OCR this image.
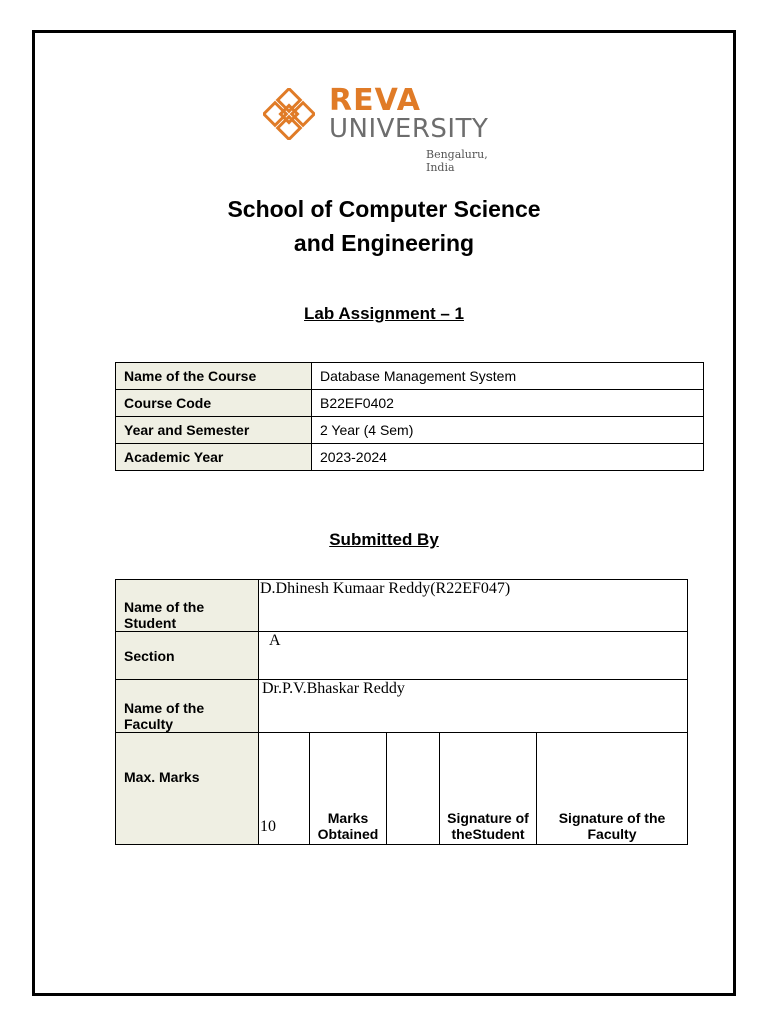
REVA
UNIVERSITY
Bengaluru, India
School of Computer Science
and Engineering
Lab Assignment – 1
Name of the Course	Database Management System
Course Code	B22EF0402
Year and Semester	2 Year (4 Sem)
Academic Year	2023-2024
Submitted By
Name of the Student	D.Dhinesh Kumaar Reddy(R22EF047)				
Section	A				
Name of the Faculty	Dr.P.V.Bhaskar Reddy				
Max. Marks	10	Marks Obtained		Signature of theStudent	Signature of the Faculty
